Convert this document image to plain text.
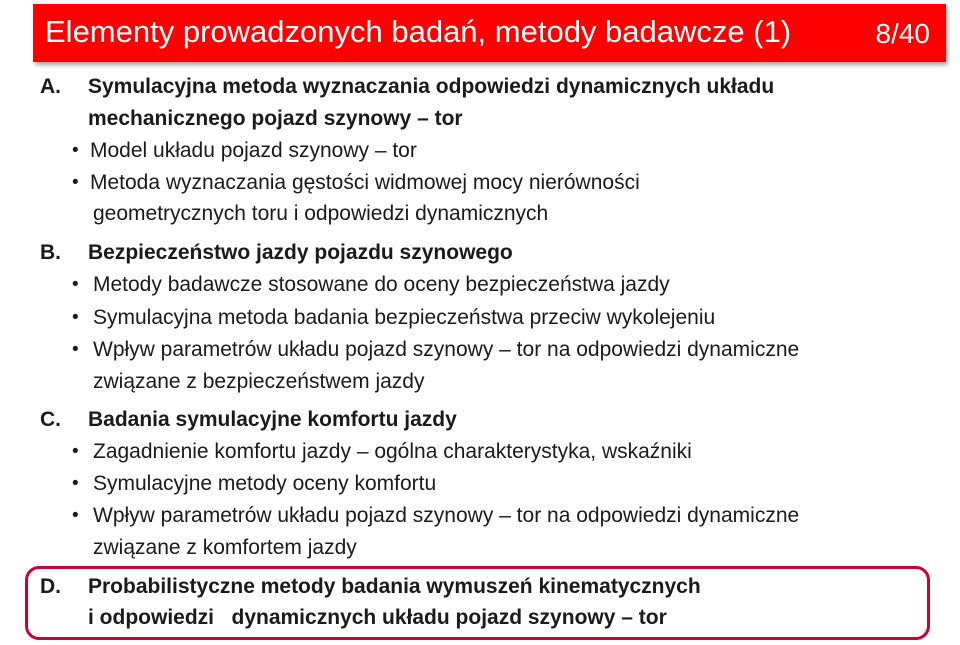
Elementy prowadzonych badań, metody badawcze (1)	8/40
A. Symulacyjna metoda wyznaczania odpowiedzi dynamicznych układu
mechanicznego pojazd szynowy – tor
• Model układu pojazd szynowy – tor
• Metoda wyznaczania gęstości widmowej mocy nierówności
geometrycznych toru i odpowiedzi dynamicznych
B. Bezpieczeństwo jazdy pojazdu szynowego
• Metody badawcze stosowane do oceny bezpieczeństwa jazdy
• Symulacyjna metoda badania bezpieczeństwa przeciw wykolejeniu
• Wpływ parametrów układu pojazd szynowy – tor na odpowiedzi dynamiczne
związane z bezpieczeństwem jazdy
C. Badania symulacyjne komfortu jazdy
• Zagadnienie komfortu jazdy – ogólna charakterystyka, wskaźniki
• Symulacyjne metody oceny komfortu
• Wpływ parametrów układu pojazd szynowy – tor na odpowiedzi dynamiczne
związane z komfortem jazdy
D. Probabilistyczne metody badania wymuszeń kinematycznych
i odpowiedzi   dynamicznych układu pojazd szynowy – tor
